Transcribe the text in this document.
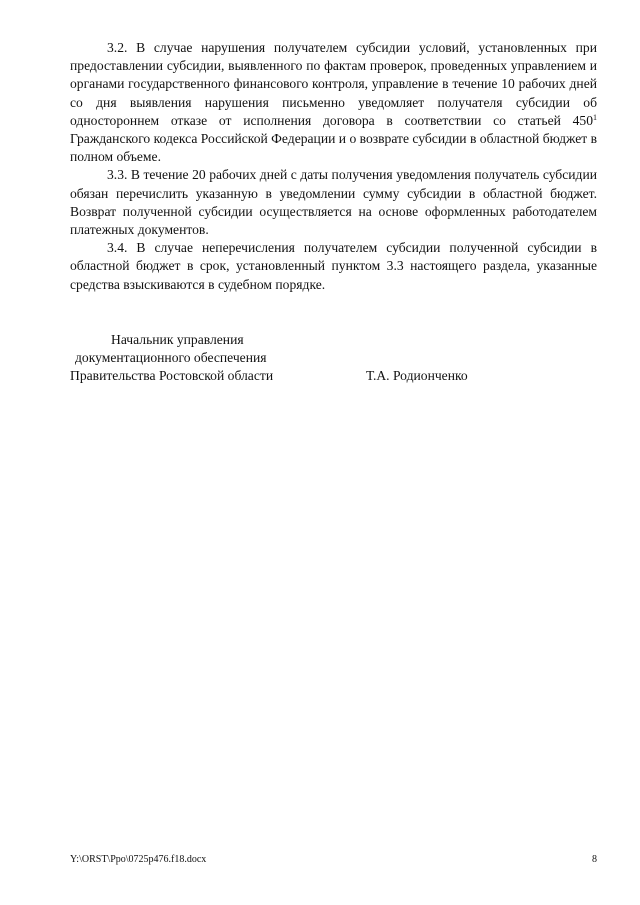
3.2. В случае нарушения получателем субсидии условий, установленных при предоставлении субсидии, выявленного по фактам проверок, проведенных управлением и органами государственного финансового контроля, управление в течение 10 рабочих дней со дня выявления нарушения письменно уведомляет получателя субсидии об одностороннем отказе от исполнения договора в соответствии со статьей $450^1$ Гражданского кодекса Российской Федерации и о возврате субсидии в областной бюджет в полном объеме.

3.3. В течение 20 рабочих дней с даты получения уведомления получатель субсидии обязан перечислить указанную в уведомлении сумму субсидии в областной бюджет. Возврат полученной субсидии осуществляется на основе оформленных работодателем платежных документов.

3.4. В случае неперечисления получателем субсидии полученной субсидии в областной бюджет в срок, установленный пунктом 3.3 настоящего раздела, указанные средства взыскиваются в судебном порядке.

Начальник управления

документационного обеспечения

Правительства Ростовской области	Т.А. Родионченко
Y:\ORST\Ppo\0725p476.f18.docx	8
